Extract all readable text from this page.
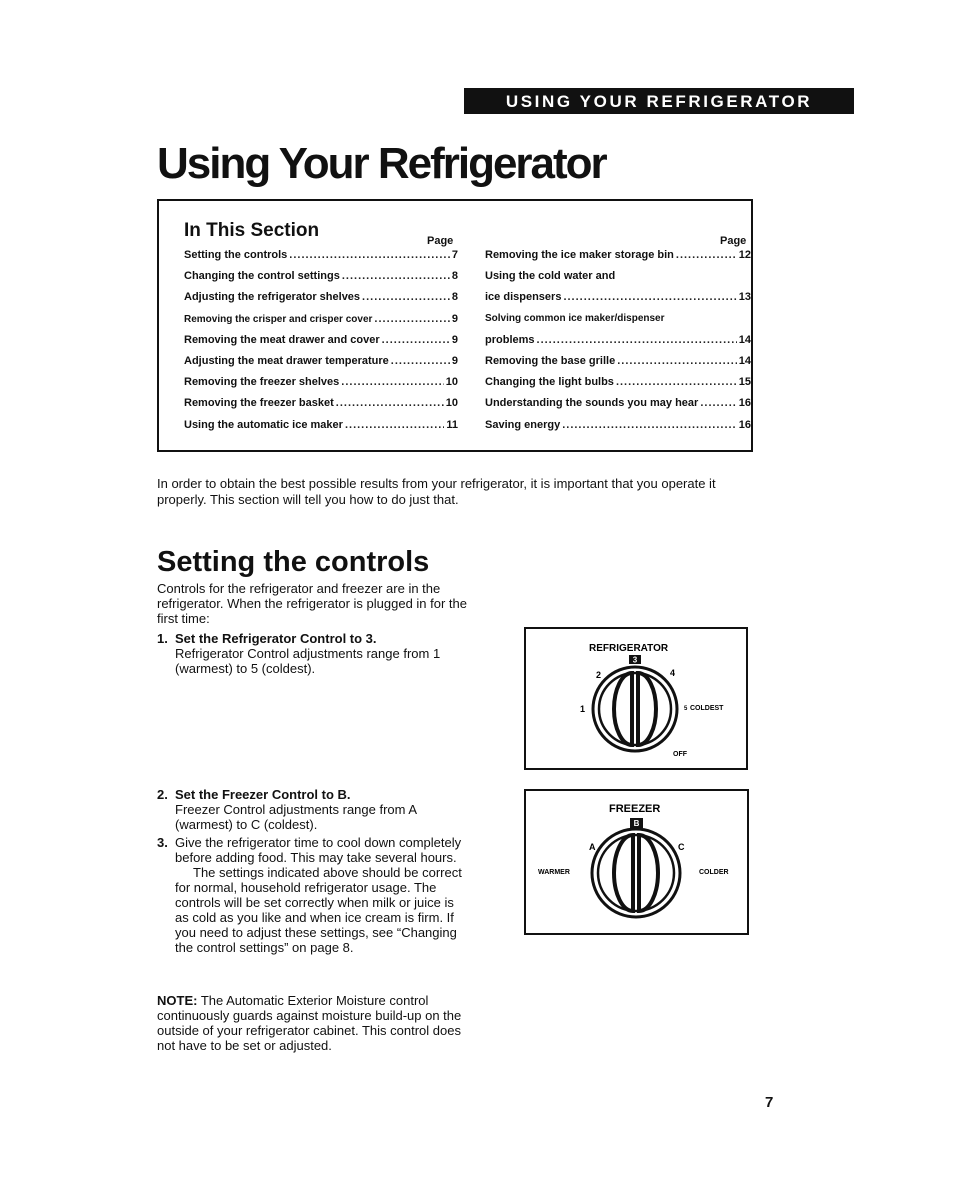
USING YOUR REFRIGERATOR
Using Your Refrigerator
In This Section	Page	Page
Setting the controls .....	7
Changing the control settings .....	8
Adjusting the refrigerator shelves .....	8
Removing the crisper and crisper cover .....	9
Removing the meat drawer and cover .....	9
Adjusting the meat drawer temperature .....	9
Removing the freezer shelves .....	10
Removing the freezer basket .....	10
Using the automatic ice maker .....	11
Removing the ice maker storage bin .....	12
Using the cold water and
ice dispensers .....	13
Solving common ice maker/dispenser
problems .....	14
Removing the base grille .....	14
Changing the light bulbs .....	15
Understanding the sounds you may hear .....	16
Saving energy .....	16

In order to obtain the best possible results from your refrigerator, it is important that you operate it properly. This section will tell you how to do just that.

Setting the controls

Controls for the refrigerator and freezer are in the refrigerator. When the refrigerator is plugged in for the first time:

1. Set the Refrigerator Control to 3.
Refrigerator Control adjustments range from 1 (warmest) to 5 (coldest).
2. Set the Freezer Control to B.
Freezer Control adjustments range from A (warmest) to C (coldest).
3. Give the refrigerator time to cool down completely before adding food. This may take several hours.
The settings indicated above should be correct for normal, household refrigerator usage. The controls will be set correctly when milk or juice is as cold as you like and when ice cream is firm. If you need to adjust these settings, see “Changing the control settings” on page 8.

NOTE: The Automatic Exterior Moisture control continuously guards against moisture build-up on the outside of your refrigerator cabinet. This control does not have to be set or adjusted.

REFRIGERATOR
3
2	4
1	5 COLDEST
OFF
FREEZER
B
A	C
WARMER	COLDER
7
